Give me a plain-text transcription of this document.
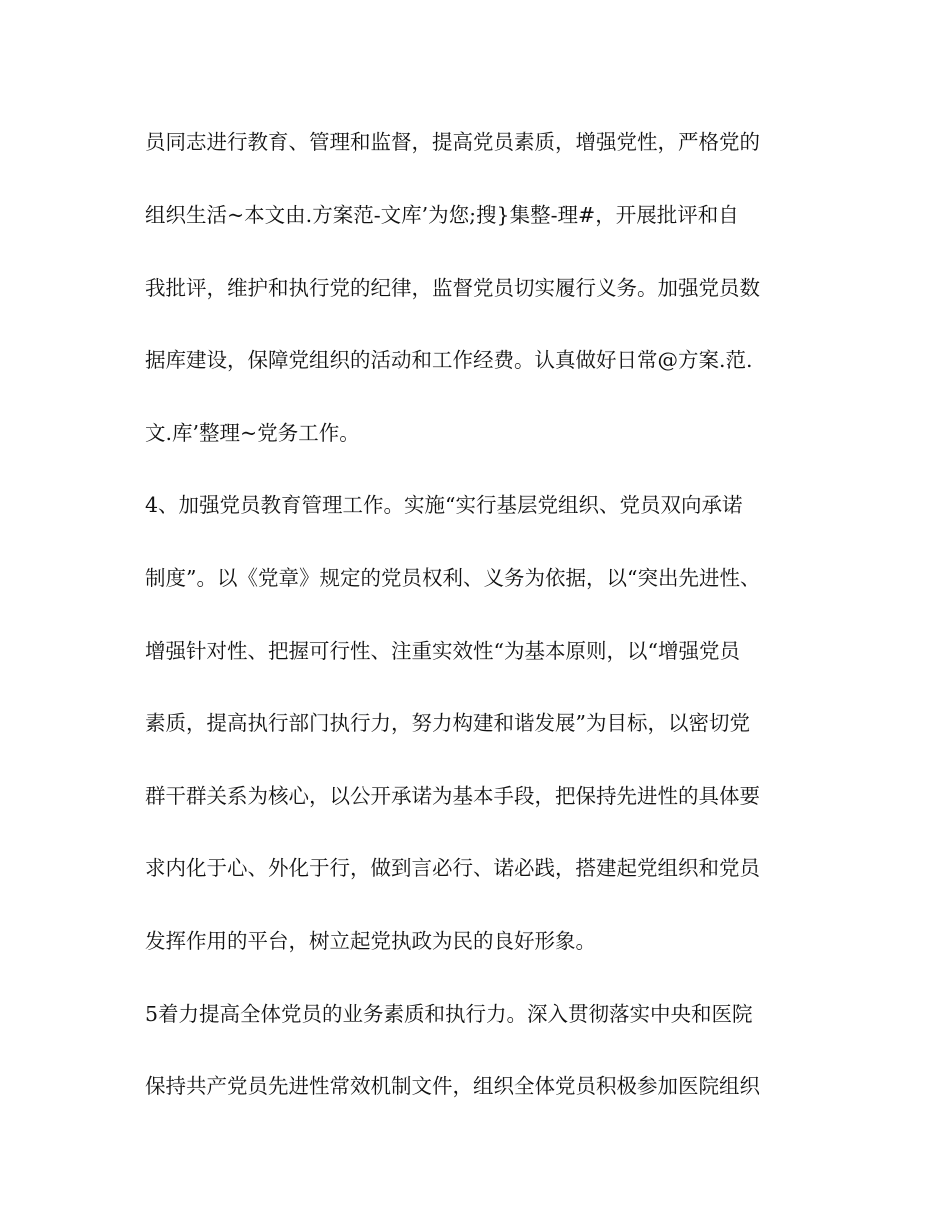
员同志进行教育、管理和监督，提高党员素质，增强党性，严格党的
组织生活~本文由.方案范-文库’为您;搜}集整-理#，开展批评和自
我批评，维护和执行党的纪律，监督党员切实履行义务。加强党员数
据库建设，保障党组织的活动和工作经费。认真做好日常@方案.范.
文.库’整理~党务工作。
4、加强党员教育管理工作。实施“实行基层党组织、党员双向承诺
制度”。以《党章》规定的党员权利、义务为依据，以“突出先进性、
增强针对性、把握可行性、注重实效性“为基本原则，以“增强党员
素质，提高执行部门执行力，努力构建和谐发展”为目标，以密切党
群干群关系为核心，以公开承诺为基本手段，把保持先进性的具体要
求内化于心、外化于行，做到言必行、诺必践，搭建起党组织和党员
发挥作用的平台，树立起党执政为民的良好形象。
5着力提高全体党员的业务素质和执行力。深入贯彻落实中央和医院
保持共产党员先进性常效机制文件，组织全体党员积极参加医院组织
